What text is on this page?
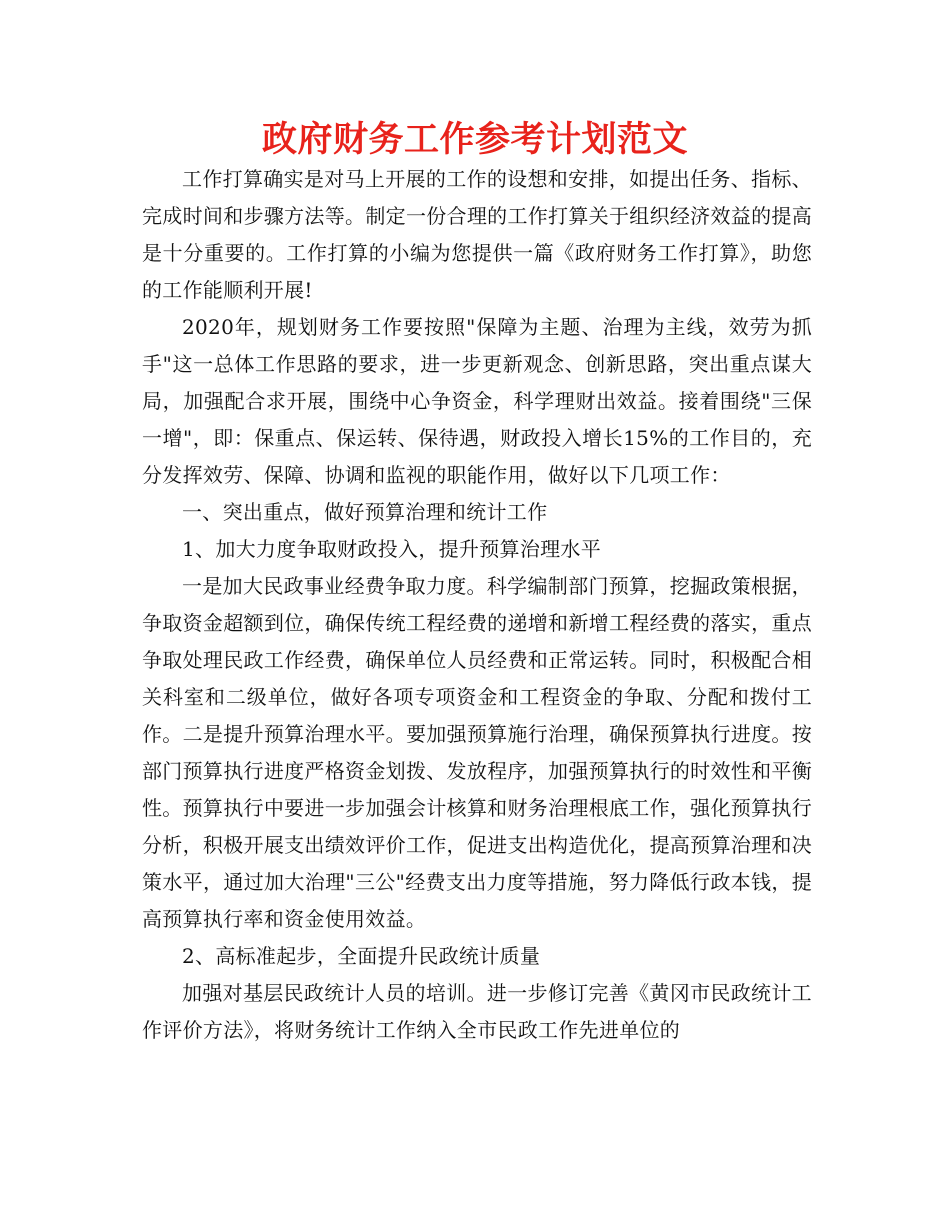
政府财务工作参考计划范文

工作打算确实是对马上开展的工作的设想和安排，如提出任务、指标、完成时间和步骤方法等。制定一份合理的工作打算关于组织经济效益的提高是十分重要的。工作打算的小编为您提供一篇《政府财务工作打算》，助您的工作能顺利开展!

2020年，规划财务工作要按照"保障为主题、治理为主线，效劳为抓手"这一总体工作思路的要求，进一步更新观念、创新思路，突出重点谋大局，加强配合求开展，围绕中心争资金，科学理财出效益。接着围绕"三保一增"，即：保重点、保运转、保待遇，财政投入增长15%的工作目的，充分发挥效劳、保障、协调和监视的职能作用，做好以下几项工作：

一、突出重点，做好预算治理和统计工作

1、加大力度争取财政投入，提升预算治理水平

一是加大民政事业经费争取力度。科学编制部门预算，挖掘政策根据，争取资金超额到位，确保传统工程经费的递增和新增工程经费的落实，重点争取处理民政工作经费，确保单位人员经费和正常运转。同时，积极配合相关科室和二级单位，做好各项专项资金和工程资金的争取、分配和拨付工作。二是提升预算治理水平。要加强预算施行治理，确保预算执行进度。按部门预算执行进度严格资金划拨、发放程序，加强预算执行的时效性和平衡性。预算执行中要进一步加强会计核算和财务治理根底工作，强化预算执行分析，积极开展支出绩效评价工作，促进支出构造优化，提高预算治理和决策水平，通过加大治理"三公"经费支出力度等措施，努力降低行政本钱，提高预算执行率和资金使用效益。

2、高标准起步，全面提升民政统计质量

加强对基层民政统计人员的培训。进一步修订完善《黄冈市民政统计工作评价方法》，将财务统计工作纳入全市民政工作先进单位的
